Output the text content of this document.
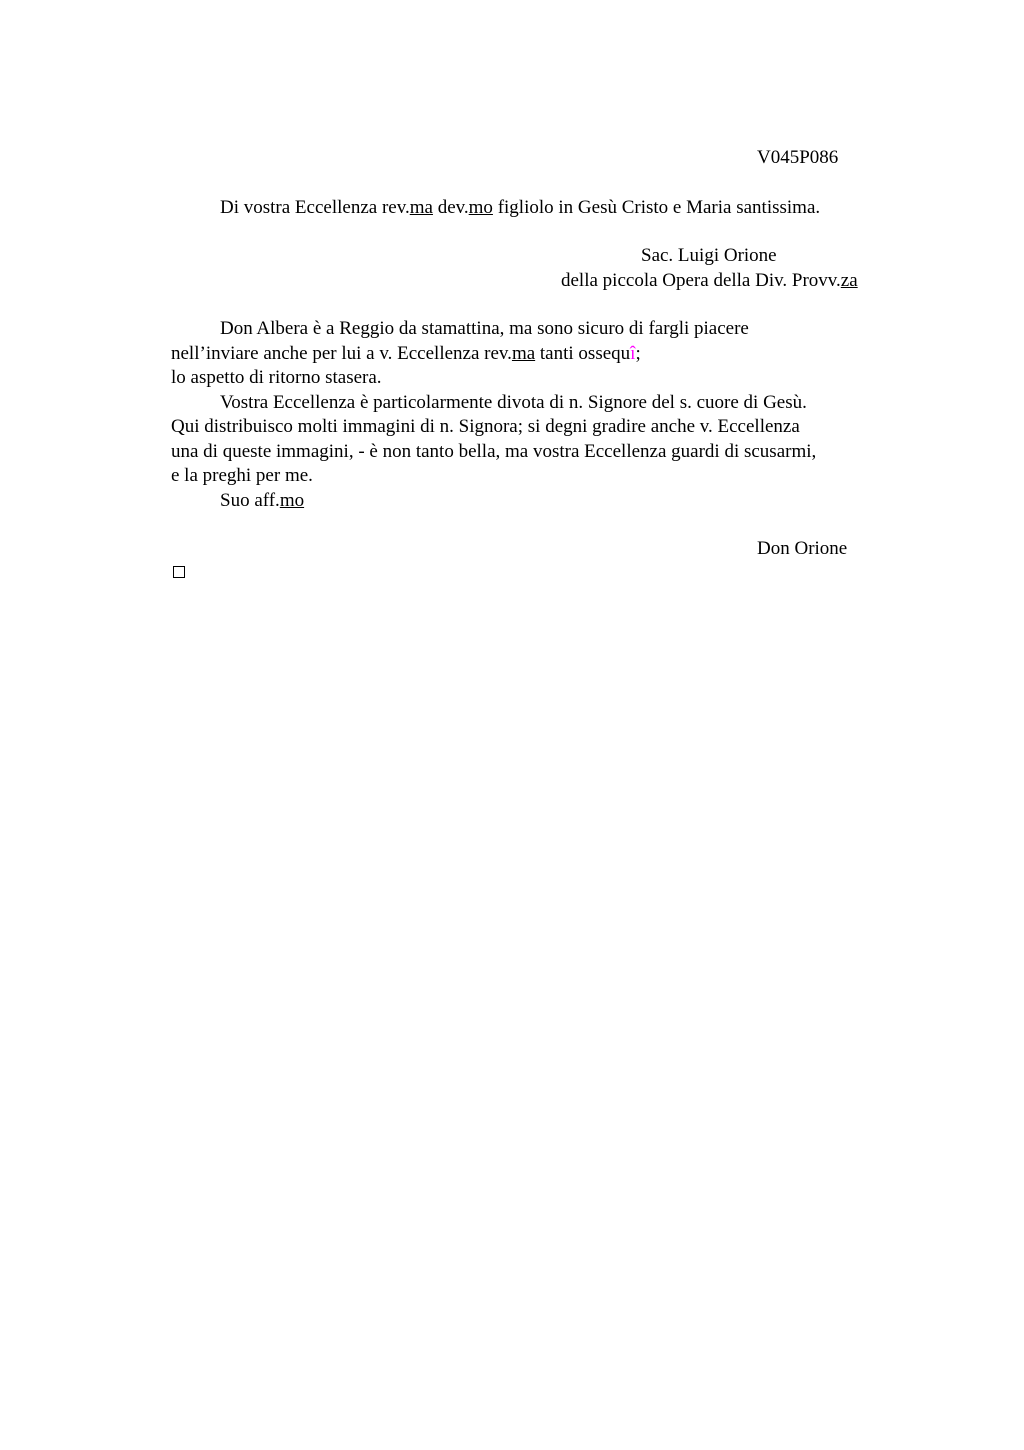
V045P086
Di vostra Eccellenza rev.ma dev.mo figliolo in Gesù Cristo e Maria santissima.
Sac. Luigi Orione
della piccola Opera della Div. Provv.za
Don Albera è a Reggio da stamattina, ma sono sicuro di fargli piacere
nell’inviare anche per lui a v. Eccellenza rev.ma tanti ossequî;
lo aspetto di ritorno stasera.
Vostra Eccellenza è particolarmente divota di n. Signore del s. cuore di Gesù.
Qui distribuisco molti immagini di n. Signora; si degni gradire anche v. Eccellenza
una di queste immagini, - è non tanto bella, ma vostra Eccellenza guardi di scusarmi,
e la preghi per me.
Suo aff.mo
Don Orione
